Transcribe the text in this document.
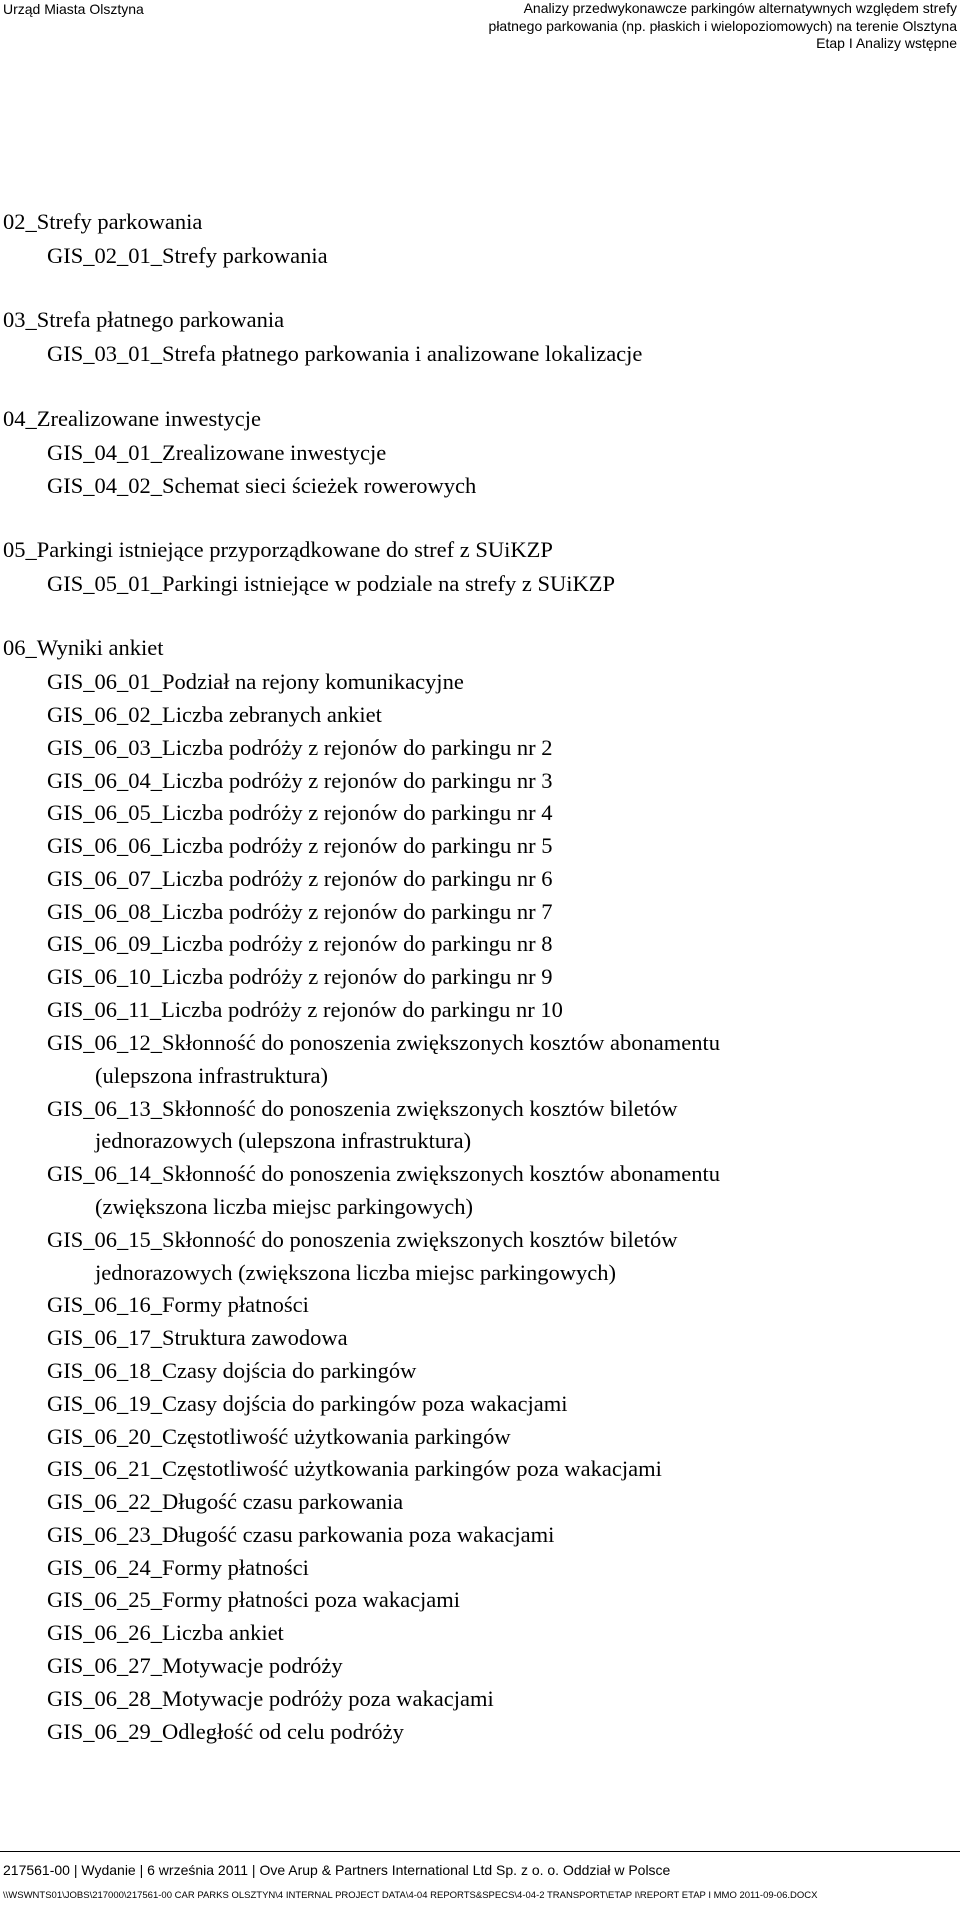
Urząd Miasta Olsztyna	Analizy przedwykonawcze parkingów alternatywnych względem strefy
płatnego parkowania (np. płaskich i wielopoziomowych) na terenie Olsztyna
Etap I Analizy wstępne
02_Strefy parkowania
GIS_02_01_Strefy parkowania
03_Strefa płatnego parkowania
GIS_03_01_Strefa płatnego parkowania i analizowane lokalizacje
04_Zrealizowane inwestycje
GIS_04_01_Zrealizowane inwestycje
GIS_04_02_Schemat sieci ścieżek rowerowych
05_Parkingi istniejące przyporządkowane do stref z SUiKZP
GIS_05_01_Parkingi istniejące w podziale na strefy z SUiKZP
06_Wyniki ankiet
GIS_06_01_Podział na rejony komunikacyjne
GIS_06_02_Liczba zebranych ankiet
GIS_06_03_Liczba podróży z rejonów do parkingu nr 2
GIS_06_04_Liczba podróży z rejonów do parkingu nr 3
GIS_06_05_Liczba podróży z rejonów do parkingu nr 4
GIS_06_06_Liczba podróży z rejonów do parkingu nr 5
GIS_06_07_Liczba podróży z rejonów do parkingu nr 6
GIS_06_08_Liczba podróży z rejonów do parkingu nr 7
GIS_06_09_Liczba podróży z rejonów do parkingu nr 8
GIS_06_10_Liczba podróży z rejonów do parkingu nr 9
GIS_06_11_Liczba podróży z rejonów do parkingu nr 10
GIS_06_12_Skłonność do ponoszenia zwiększonych kosztów abonamentu
(ulepszona infrastruktura)
GIS_06_13_Skłonność do ponoszenia zwiększonych kosztów biletów
jednorazowych (ulepszona infrastruktura)
GIS_06_14_Skłonność do ponoszenia zwiększonych kosztów abonamentu
(zwiększona liczba miejsc parkingowych)
GIS_06_15_Skłonność do ponoszenia zwiększonych kosztów biletów
jednorazowych (zwiększona liczba miejsc parkingowych)
GIS_06_16_Formy płatności
GIS_06_17_Struktura zawodowa
GIS_06_18_Czasy dojścia do parkingów
GIS_06_19_Czasy dojścia do parkingów poza wakacjami
GIS_06_20_Częstotliwość użytkowania parkingów
GIS_06_21_Częstotliwość użytkowania parkingów poza wakacjami
GIS_06_22_Długość czasu parkowania
GIS_06_23_Długość czasu parkowania poza wakacjami
GIS_06_24_Formy płatności
GIS_06_25_Formy płatności poza wakacjami
GIS_06_26_Liczba ankiet
GIS_06_27_Motywacje podróży
GIS_06_28_Motywacje podróży poza wakacjami
GIS_06_29_Odległość od celu podróży
217561-00 | Wydanie | 6 września 2011 | Ove Arup & Partners International Ltd Sp. z o. o. Oddział w Polsce
\\WSWNTS01\JOBS\217000\217561-00 CAR PARKS OLSZTYN\4 INTERNAL PROJECT DATA\4-04 REPORTS&SPECS\4-04-2 TRANSPORT\ETAP I\REPORT ETAP I MMO 2011-09-06.DOCX
